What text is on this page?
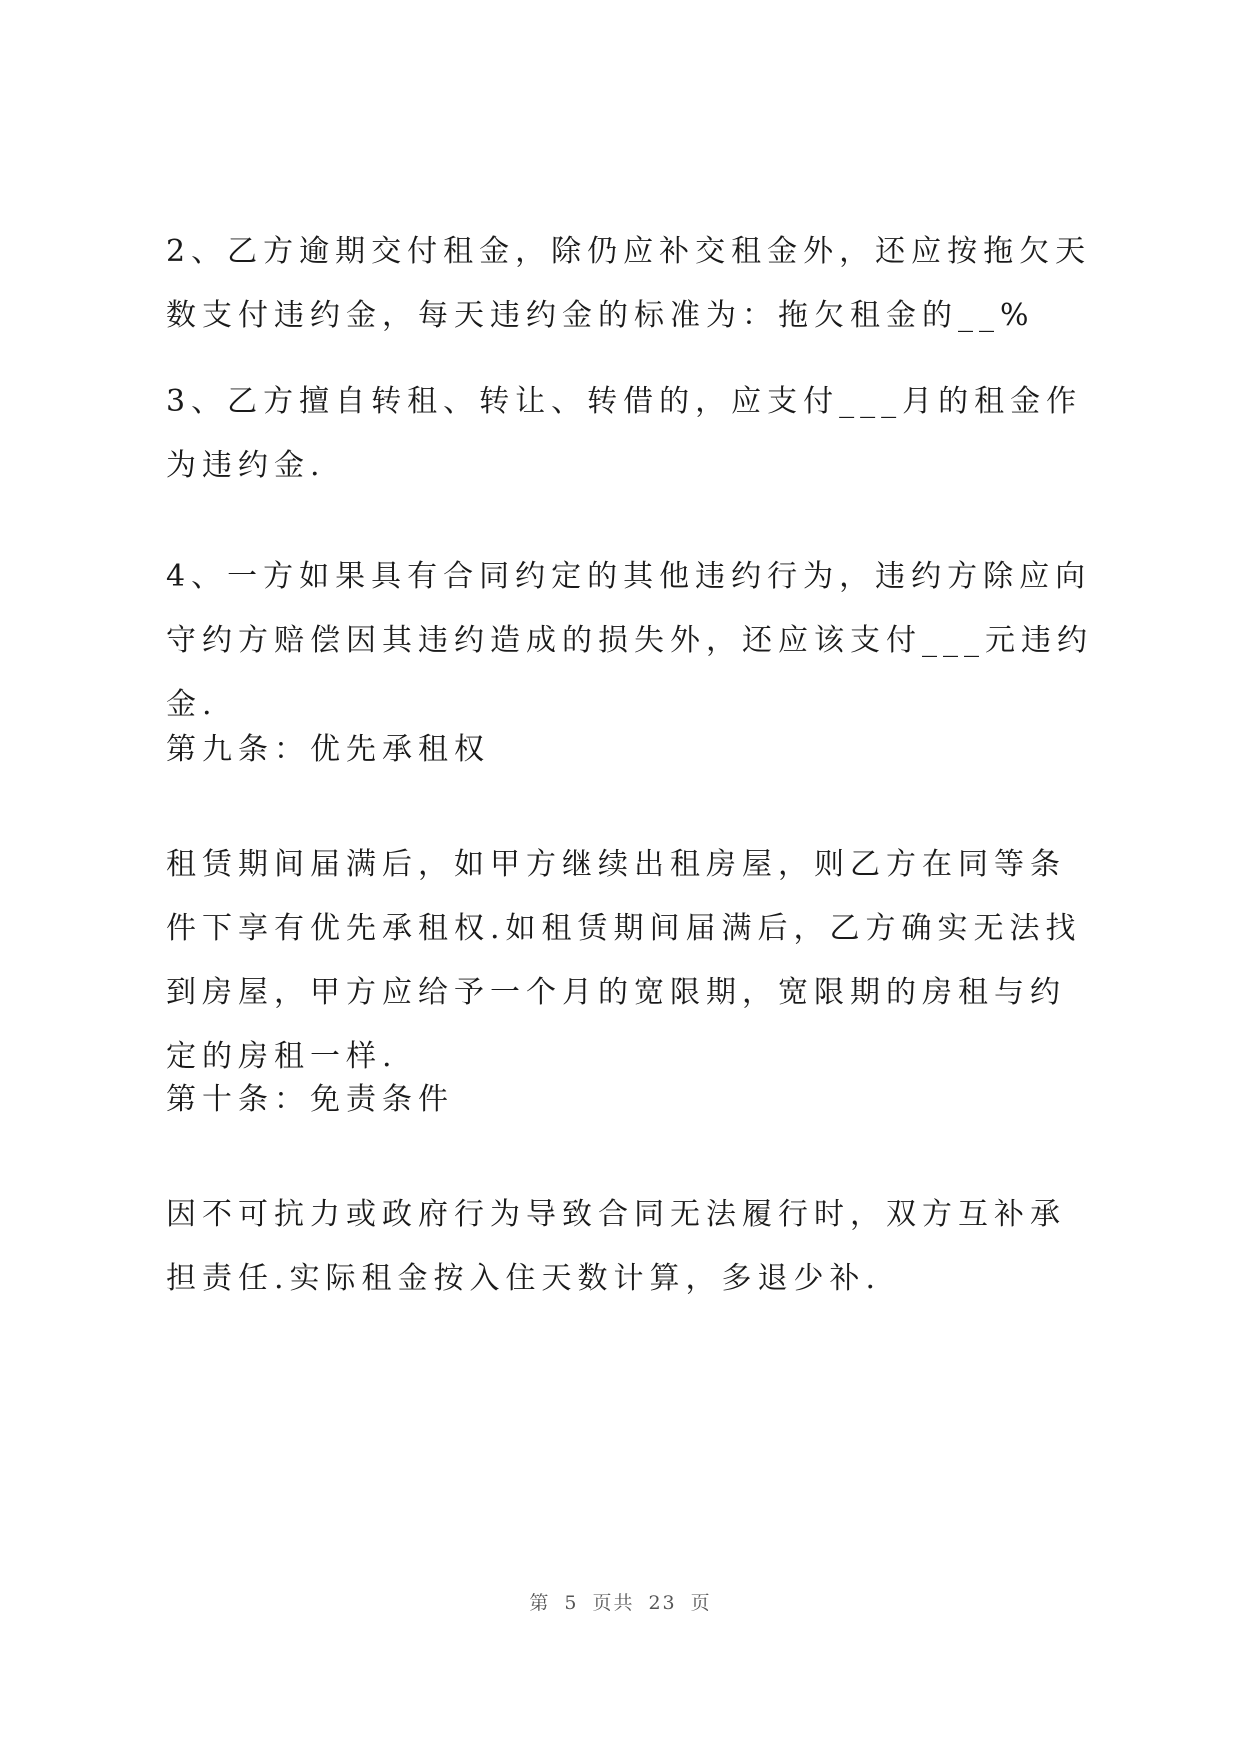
2、乙方逾期交付租金，除仍应补交租金外，还应按拖欠天数支付违约金，每天违约金的标准为：拖欠租金的__%

3、乙方擅自转租、转让、转借的，应支付___月的租金作为违约金.

4、一方如果具有合同约定的其他违约行为，违约方除应向守约方赔偿因其违约造成的损失外，还应该支付___元违约金.

第九条：优先承租权

租赁期间届满后，如甲方继续出租房屋，则乙方在同等条件下享有优先承租权.如租赁期间届满后，乙方确实无法找到房屋，甲方应给予一个月的宽限期，宽限期的房租与约定的房租一样.

第十条：免责条件

因不可抗力或政府行为导致合同无法履行时，双方互补承担责任.实际租金按入住天数计算，多退少补.

第 5 页共 23 页
